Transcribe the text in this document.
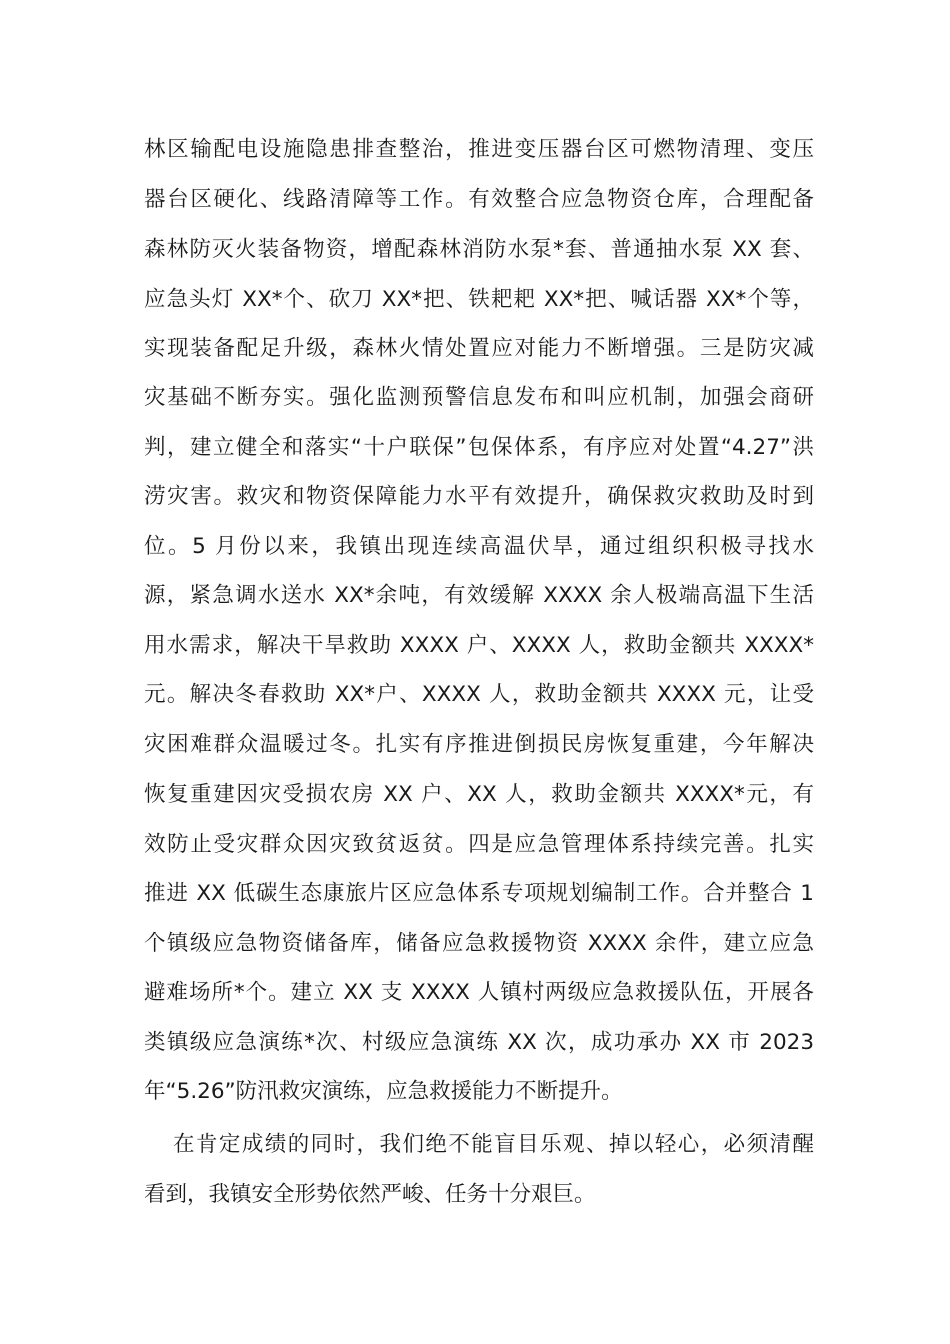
林区输配电设施隐患排查整治，推进变压器台区可燃物清理、变压
器台区硬化、线路清障等工作。有效整合应急物资仓库，合理配备
森林防灭火装备物资，增配森林消防水泵*套、普通抽水泵 XX 套、
应急头灯 XX*个、砍刀 XX*把、铁耙耙 XX*把、喊话器 XX*个等，
实现装备配足升级，森林火情处置应对能力不断增强。三是防灾减
灾基础不断夯实。强化监测预警信息发布和叫应机制，加强会商研
判，建立健全和落实“十户联保”包保体系，有序应对处置“4.27”洪
涝灾害。救灾和物资保障能力水平有效提升，确保救灾救助及时到
位。5 月份以来，我镇出现连续高温伏旱，通过组织积极寻找水
源，紧急调水送水 XX*余吨，有效缓解 XXXX 余人极端高温下生活
用水需求，解决干旱救助 XXXX 户、XXXX 人，救助金额共 XXXX*
元。解决冬春救助 XX*户、XXXX 人，救助金额共 XXXX 元，让受
灾困难群众温暖过冬。扎实有序推进倒损民房恢复重建，今年解决
恢复重建因灾受损农房 XX 户、XX 人，救助金额共 XXXX*元，有
效防止受灾群众因灾致贫返贫。四是应急管理体系持续完善。扎实
推进 XX 低碳生态康旅片区应急体系专项规划编制工作。合并整合 1
个镇级应急物资储备库，储备应急救援物资 XXXX 余件，建立应急
避难场所*个。建立 XX 支 XXXX 人镇村两级应急救援队伍，开展各
类镇级应急演练*次、村级应急演练 XX 次，成功承办 XX 市 2023
年“5.26”防汛救灾演练，应急救援能力不断提升。
在肯定成绩的同时，我们绝不能盲目乐观、掉以轻心，必须清醒
看到，我镇安全形势依然严峻、任务十分艰巨。
